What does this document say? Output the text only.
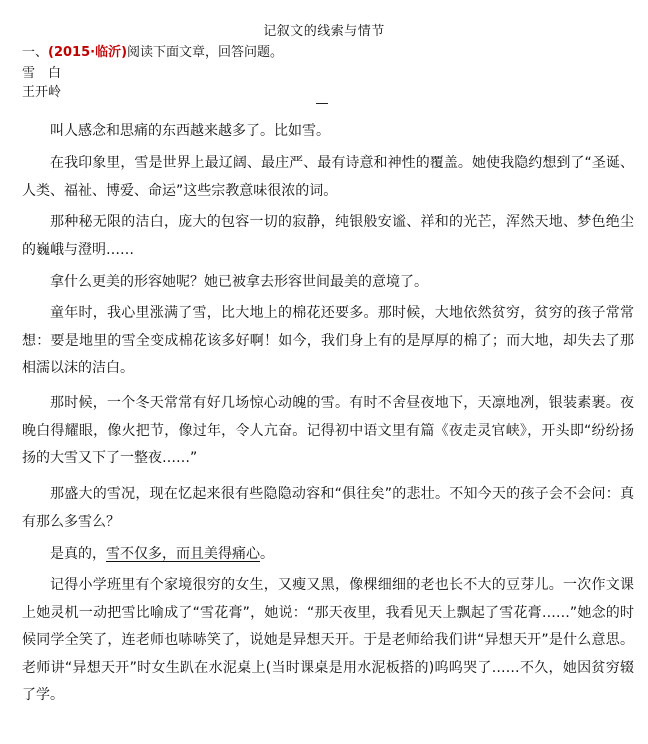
记叙文的线索与情节
一、(2015·临沂)阅读下面文章，回答问题。
雪　白
王开岭

叫人感念和思痛的东西越来越多了。比如雪。

在我印象里，雪是世界上最辽阔、最庄严、最有诗意和神性的覆盖。她使我隐约想到了“圣诞、人类、福祉、博爱、命运”这些宗教意味很浓的词。

那种秘无限的洁白，庞大的包容一切的寂静，纯银般安谧、祥和的光芒，浑然天地、梦色绝尘的巍峨与澄明……

拿什么更美的形容她呢？她已被拿去形容世间最美的意境了。

童年时，我心里涨满了雪，比大地上的棉花还要多。那时候，大地依然贫穷，贫穷的孩子常常想：要是地里的雪全变成棉花该多好啊！如今，我们身上有的是厚厚的棉了；而大地，却失去了那相濡以沫的洁白。

那时候，一个冬天常常有好几场惊心动魄的雪。有时不舍昼夜地下，天凛地冽，银装素裹。夜晚白得耀眼，像火把节，像过年，令人亢奋。记得初中语文里有篇《夜走灵官峡》，开头即“纷纷扬扬的大雪又下了一整夜……”

那盛大的雪况，现在忆起来很有些隐隐动容和“俱往矣”的悲壮。不知今天的孩子会不会问：真有那么多雪么？

是真的，雪不仅多，而且美得痛心。

记得小学班里有个家境很穷的女生，又瘦又黑，像棵细细的老也长不大的豆芽儿。一次作文课上她灵机一动把雪比喻成了“雪花膏”，她说：“那天夜里，我看见天上飘起了雪花膏……”她念的时候同学全笑了，连老师也哧哧笑了，说她是异想天开。于是老师给我们讲“异想天开”是什么意思。老师讲“异想天开”时女生趴在水泥桌上(当时课桌是用水泥板搭的)呜呜哭了……不久，她因贫穷辍了学。
